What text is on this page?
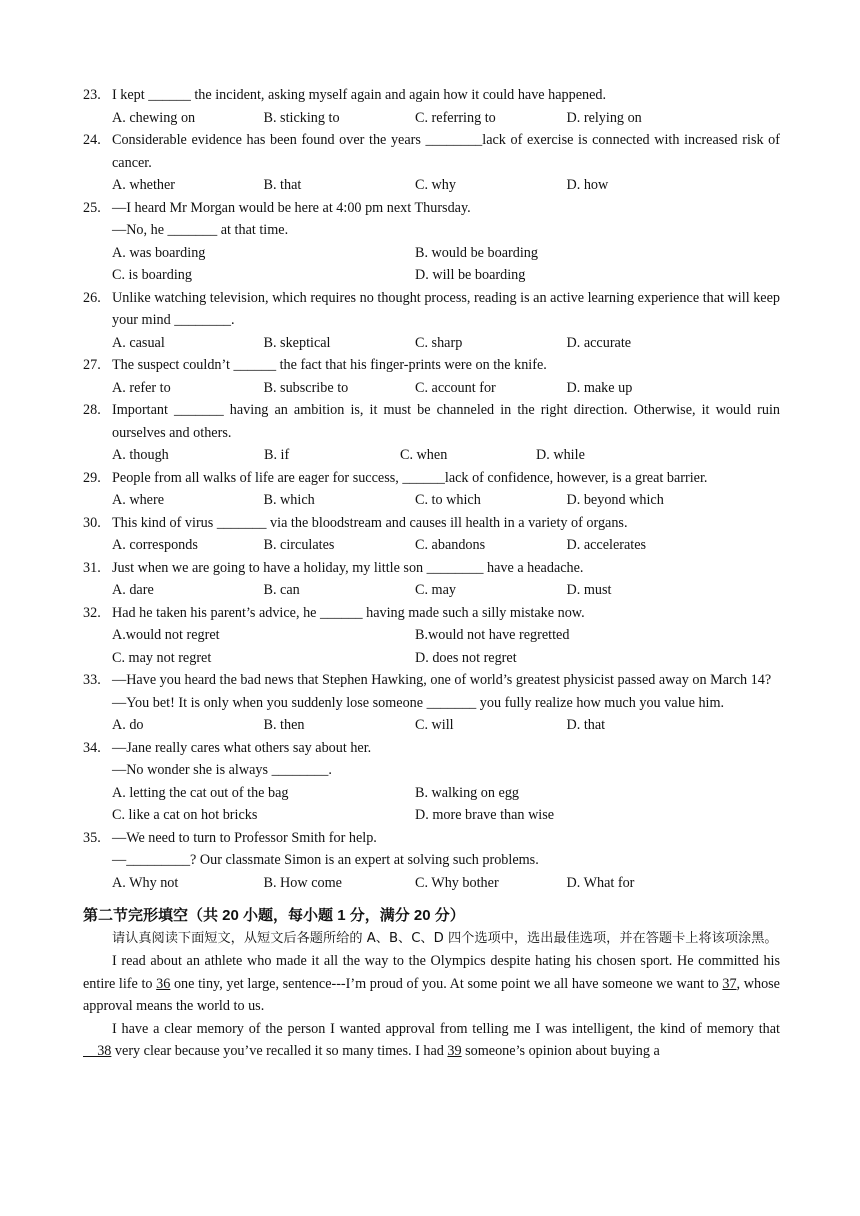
23. I kept ______ the incident, asking myself again and again how it could have happened.
A. chewing on	B. sticking to	C. referring to	D. relying on
24. Considerable evidence has been found over the years ________lack of exercise is connected with increased risk of cancer.
A. whether	B. that	C. why	D. how
25. —I heard Mr Morgan would be here at 4:00 pm next Thursday.
—No, he _______ at that time.
A. was boarding	B. would be boarding
C. is boarding	D. will be boarding
26. Unlike watching television, which requires no thought process, reading is an active learning experience that will keep your mind ________.
A. casual	B. skeptical	C. sharp	D. accurate
27. The suspect couldn’t ______ the fact that his finger-prints were on the knife.
A. refer to	B. subscribe to	C. account for	D. make up
28. Important _______ having an ambition is, it must be channeled in the right direction. Otherwise, it would ruin ourselves and others.
A. though	B. if	C. when	D. while
29. People from all walks of life are eager for success, ______lack of confidence, however, is a great barrier.
A. where	B. which	C. to which	D. beyond which
30. This kind of virus _______ via the bloodstream and causes ill health in a variety of organs.
A. corresponds	B. circulates	C. abandons	D. accelerates
31. Just when we are going to have a holiday, my little son ________ have a headache.
A. dare	B. can	C. may	D. must
32. Had he taken his parent’s advice, he ______ having made such a silly mistake now.
A.would not regret	B.would not have regretted
C. may not regret	D. does not regret
33. —Have you heard the bad news that Stephen Hawking, one of world’s greatest physicist passed away on March 14?
—You bet! It is only when you suddenly lose someone _______ you fully realize how much you value him.
A. do	B. then	C. will	D. that
34. —Jane really cares what others say about her.
—No wonder she is always ________.
A. letting the cat out of the bag	B. walking on egg
C. like a cat on hot bricks	D. more brave than wise
35. —We need to turn to Professor Smith for help.
—_________? Our classmate Simon is an expert at solving such problems.
A. Why not	B. How come	C. Why bother	D. What for
第二节完形填空（共 20 小题，每小题 1 分，满分 20 分）
请认真阅读下面短文，从短文后各题所给的 A、B、C、D 四个选项中，选出最佳选项，并在答题卡上将该项涂黑。
I read about an athlete who made it all the way to the Olympics despite hating his chosen sport. He committed his entire life to 36 one tiny, yet large, sentence---I’m proud of you. At some point we all have someone we want to 37, whose approval means the world to us.
I have a clear memory of the person I wanted approval from telling me I was intelligent, the kind of memory that    38 very clear because you’ve recalled it so many times. I had 39 someone’s opinion about buying a
